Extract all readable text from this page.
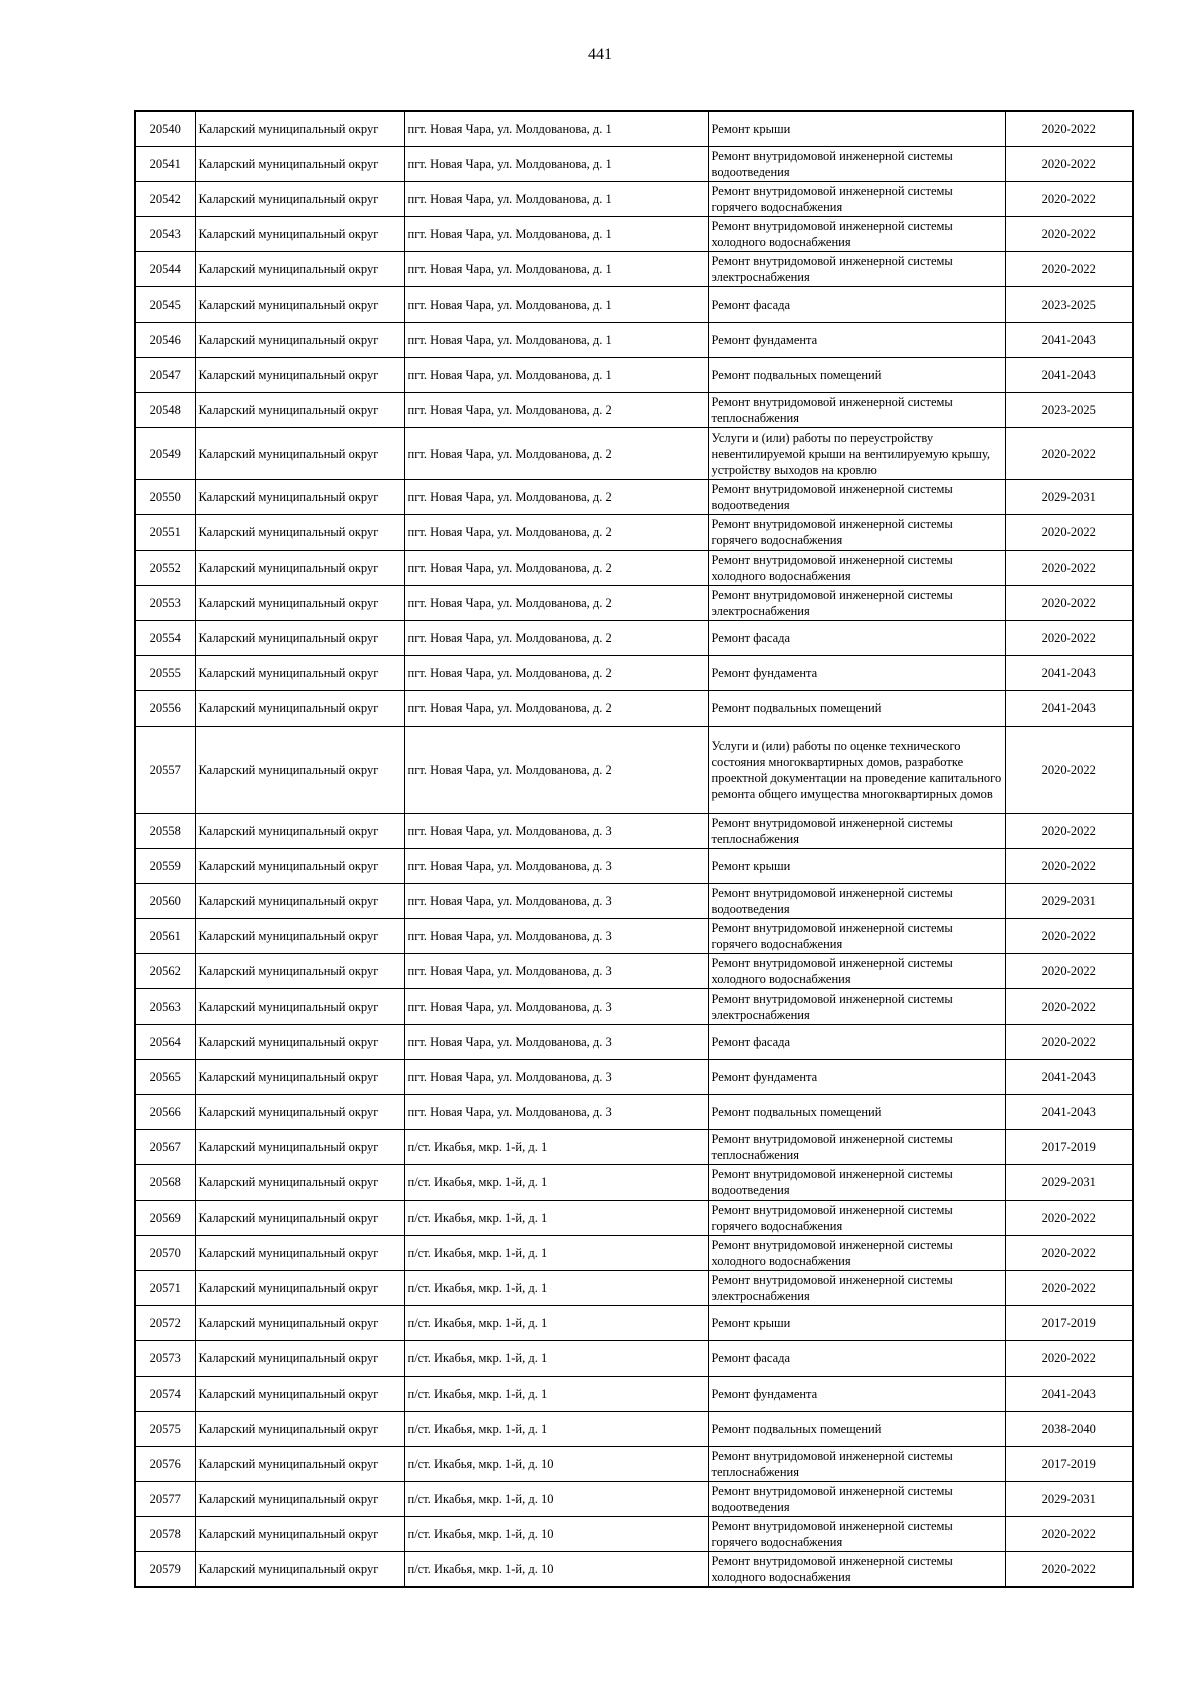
441
20540	Каларский муниципальный округ	пгт. Новая Чара, ул. Молдованова, д. 1	Ремонт крыши	2020-2022
20541	Каларский муниципальный округ	пгт. Новая Чара, ул. Молдованова, д. 1	Ремонт внутридомовой инженерной системы водоотведения	2020-2022
20542	Каларский муниципальный округ	пгт. Новая Чара, ул. Молдованова, д. 1	Ремонт внутридомовой инженерной системы горячего водоснабжения	2020-2022
20543	Каларский муниципальный округ	пгт. Новая Чара, ул. Молдованова, д. 1	Ремонт внутридомовой инженерной системы холодного водоснабжения	2020-2022
20544	Каларский муниципальный округ	пгт. Новая Чара, ул. Молдованова, д. 1	Ремонт внутридомовой инженерной системы электроснабжения	2020-2022
20545	Каларский муниципальный округ	пгт. Новая Чара, ул. Молдованова, д. 1	Ремонт фасада	2023-2025
20546	Каларский муниципальный округ	пгт. Новая Чара, ул. Молдованова, д. 1	Ремонт фундамента	2041-2043
20547	Каларский муниципальный округ	пгт. Новая Чара, ул. Молдованова, д. 1	Ремонт подвальных помещений	2041-2043
20548	Каларский муниципальный округ	пгт. Новая Чара, ул. Молдованова, д. 2	Ремонт внутридомовой инженерной системы теплоснабжения	2023-2025
20549	Каларский муниципальный округ	пгт. Новая Чара, ул. Молдованова, д. 2	Услуги и (или) работы по переустройству невентилируемой крыши на вентилируемую крышу, устройству выходов на кровлю	2020-2022
20550	Каларский муниципальный округ	пгт. Новая Чара, ул. Молдованова, д. 2	Ремонт внутридомовой инженерной системы водоотведения	2029-2031
20551	Каларский муниципальный округ	пгт. Новая Чара, ул. Молдованова, д. 2	Ремонт внутридомовой инженерной системы горячего водоснабжения	2020-2022
20552	Каларский муниципальный округ	пгт. Новая Чара, ул. Молдованова, д. 2	Ремонт внутридомовой инженерной системы холодного водоснабжения	2020-2022
20553	Каларский муниципальный округ	пгт. Новая Чара, ул. Молдованова, д. 2	Ремонт внутридомовой инженерной системы электроснабжения	2020-2022
20554	Каларский муниципальный округ	пгт. Новая Чара, ул. Молдованова, д. 2	Ремонт фасада	2020-2022
20555	Каларский муниципальный округ	пгт. Новая Чара, ул. Молдованова, д. 2	Ремонт фундамента	2041-2043
20556	Каларский муниципальный округ	пгт. Новая Чара, ул. Молдованова, д. 2	Ремонт подвальных помещений	2041-2043
20557	Каларский муниципальный округ	пгт. Новая Чара, ул. Молдованова, д. 2	Услуги и (или) работы по оценке технического состояния многоквартирных домов, разработке проектной документации на проведение капитального ремонта общего имущества многоквартирных домов	2020-2022
20558	Каларский муниципальный округ	пгт. Новая Чара, ул. Молдованова, д. 3	Ремонт внутридомовой инженерной системы теплоснабжения	2020-2022
20559	Каларский муниципальный округ	пгт. Новая Чара, ул. Молдованова, д. 3	Ремонт крыши	2020-2022
20560	Каларский муниципальный округ	пгт. Новая Чара, ул. Молдованова, д. 3	Ремонт внутридомовой инженерной системы водоотведения	2029-2031
20561	Каларский муниципальный округ	пгт. Новая Чара, ул. Молдованова, д. 3	Ремонт внутридомовой инженерной системы горячего водоснабжения	2020-2022
20562	Каларский муниципальный округ	пгт. Новая Чара, ул. Молдованова, д. 3	Ремонт внутридомовой инженерной системы холодного водоснабжения	2020-2022
20563	Каларский муниципальный округ	пгт. Новая Чара, ул. Молдованова, д. 3	Ремонт внутридомовой инженерной системы электроснабжения	2020-2022
20564	Каларский муниципальный округ	пгт. Новая Чара, ул. Молдованова, д. 3	Ремонт фасада	2020-2022
20565	Каларский муниципальный округ	пгт. Новая Чара, ул. Молдованова, д. 3	Ремонт фундамента	2041-2043
20566	Каларский муниципальный округ	пгт. Новая Чара, ул. Молдованова, д. 3	Ремонт подвальных помещений	2041-2043
20567	Каларский муниципальный округ	п/ст. Икабья, мкр. 1-й, д. 1	Ремонт внутридомовой инженерной системы теплоснабжения	2017-2019
20568	Каларский муниципальный округ	п/ст. Икабья, мкр. 1-й, д. 1	Ремонт внутридомовой инженерной системы водоотведения	2029-2031
20569	Каларский муниципальный округ	п/ст. Икабья, мкр. 1-й, д. 1	Ремонт внутридомовой инженерной системы горячего водоснабжения	2020-2022
20570	Каларский муниципальный округ	п/ст. Икабья, мкр. 1-й, д. 1	Ремонт внутридомовой инженерной системы холодного водоснабжения	2020-2022
20571	Каларский муниципальный округ	п/ст. Икабья, мкр. 1-й, д. 1	Ремонт внутридомовой инженерной системы электроснабжения	2020-2022
20572	Каларский муниципальный округ	п/ст. Икабья, мкр. 1-й, д. 1	Ремонт крыши	2017-2019
20573	Каларский муниципальный округ	п/ст. Икабья, мкр. 1-й, д. 1	Ремонт фасада	2020-2022
20574	Каларский муниципальный округ	п/ст. Икабья, мкр. 1-й, д. 1	Ремонт фундамента	2041-2043
20575	Каларский муниципальный округ	п/ст. Икабья, мкр. 1-й, д. 1	Ремонт подвальных помещений	2038-2040
20576	Каларский муниципальный округ	п/ст. Икабья, мкр. 1-й, д. 10	Ремонт внутридомовой инженерной системы теплоснабжения	2017-2019
20577	Каларский муниципальный округ	п/ст. Икабья, мкр. 1-й, д. 10	Ремонт внутридомовой инженерной системы водоотведения	2029-2031
20578	Каларский муниципальный округ	п/ст. Икабья, мкр. 1-й, д. 10	Ремонт внутридомовой инженерной системы горячего водоснабжения	2020-2022
20579	Каларский муниципальный округ	п/ст. Икабья, мкр. 1-й, д. 10	Ремонт внутридомовой инженерной системы холодного водоснабжения	2020-2022
